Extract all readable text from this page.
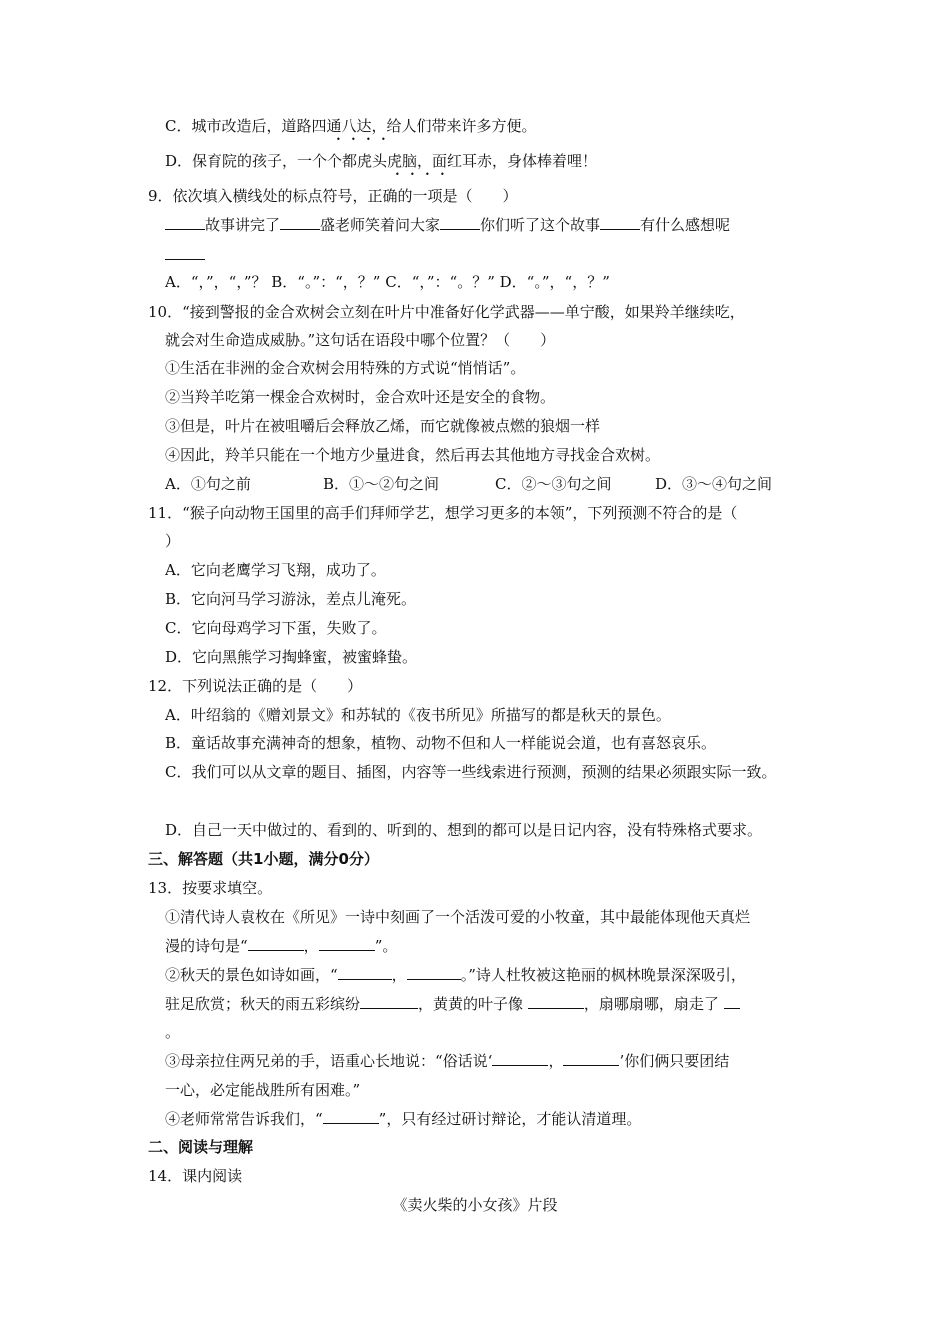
C．城市改造后，道路四通八达，给人们带来许多方便。
• • • •
D．保育院的孩子，一个个都虎头虎脑，面红耳赤，身体棒着哩！
• • • •
9．依次填入横线处的标点符号，正确的一项是（　　）
故事讲完了	盛老师笑着问大家	你们听了这个故事	有什么感想呢
A．“，”，“，”？ B．“。”：“，？” C．“，”：“。？” D．“。”，“，？”
10．“接到警报的金合欢树会立刻在叶片中准备好化学武器——单宁酸，如果羚羊继续吃，
就会对生命造成威胁。”这句话在语段中哪个位置？（　　）
①生活在非洲的金合欢树会用特殊的方式说“悄悄话”。
②当羚羊吃第一棵金合欢树时，金合欢叶还是安全的食物。
③但是，叶片在被咀嚼后会释放乙烯，而它就像被点燃的狼烟一样
④因此，羚羊只能在一个地方少量进食，然后再去其他地方寻找金合欢树。
A．①句之前	B．①～②句之间	C．②～③句之间	D．③～④句之间
11．“猴子向动物王国里的高手们拜师学艺，想学习更多的本领”，下列预测不符合的是（
）
A．它向老鹰学习飞翔，成功了。
B．它向河马学习游泳，差点儿淹死。
C．它向母鸡学习下蛋，失败了。
D．它向黑熊学习掏蜂蜜，被蜜蜂蛰。
12．下列说法正确的是（　　）
A．叶绍翁的《赠刘景文》和苏轼的《夜书所见》所描写的都是秋天的景色。
B．童话故事充满神奇的想象，植物、动物不但和人一样能说会道，也有喜怒哀乐。
C．我们可以从文章的题目、插图，内容等一些线索进行预测，预测的结果必须跟实际一致。
D．自己一天中做过的、看到的、听到的、想到的都可以是日记内容，没有特殊格式要求。
三、解答题（共1小题，满分0分）
13．按要求填空。
①清代诗人袁枚在《所见》一诗中刻画了一个活泼可爱的小牧童，其中最能体现他天真烂
漫的诗句是“	，	”。
②秋天的景色如诗如画，“	，	。”诗人杜牧被这艳丽的枫林晚景深深吸引，
驻足欣赏；秋天的雨五彩缤纷	，黄黄的叶子像	，扇哪扇哪，扇走了
。
③母亲拉住两兄弟的手，语重心长地说：“俗话说‘	，	’你们俩只要团结
一心，必定能战胜所有困难。”
④老师常常告诉我们，“	”，只有经过研讨辩论，才能认清道理。
二、阅读与理解
14．课内阅读
《卖火柴的小女孩》片段
